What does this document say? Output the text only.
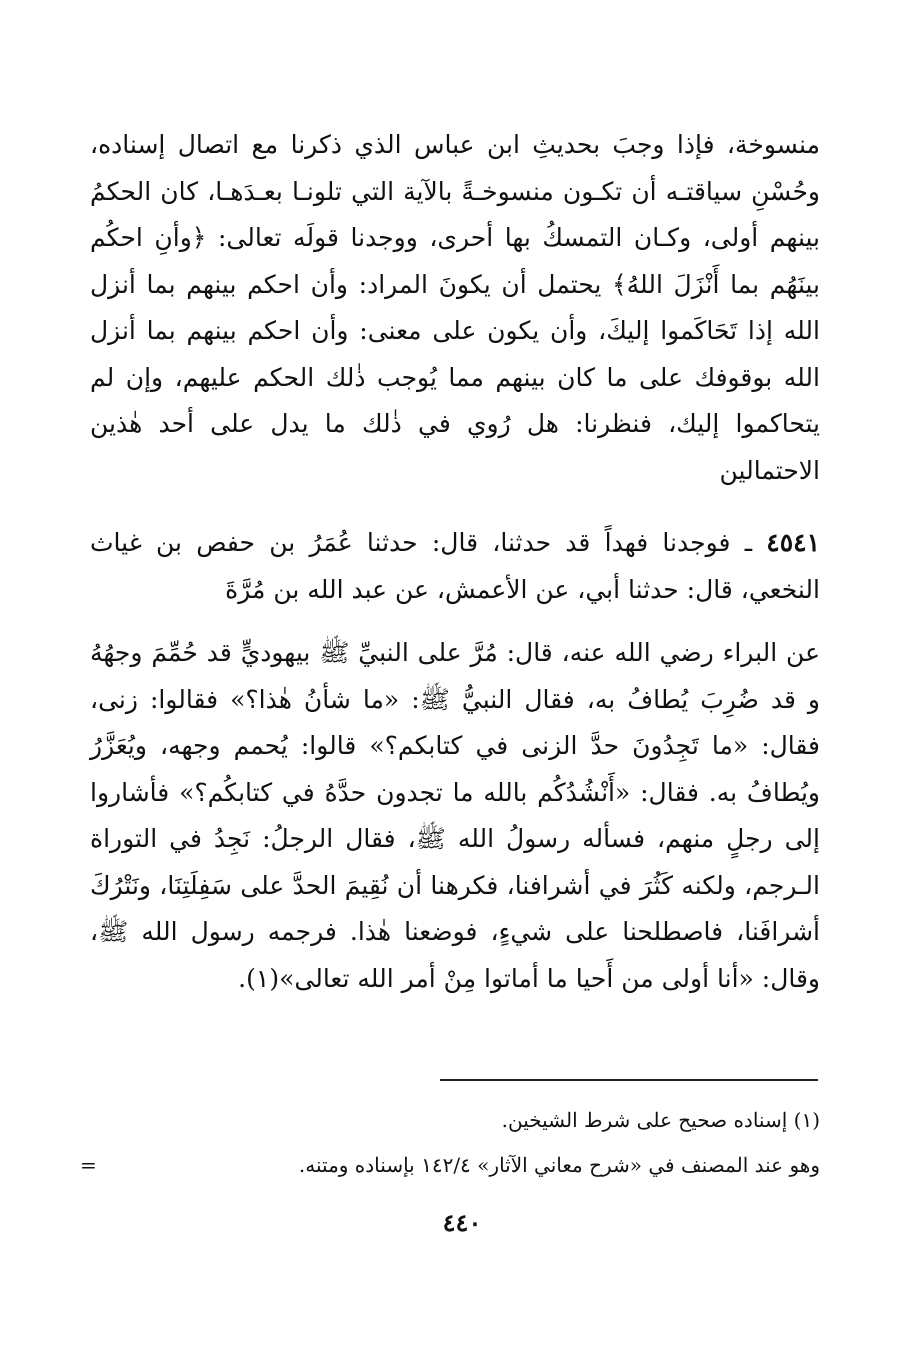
منسوخة، فإذا وجبَ بحديثِ ابن عباس الذي ذكرنا مع اتصال إسناده، وحُسْنِ سياقتـه أن تكـون منسوخـةً بالآية التي تلونـا بعـدَهـا، كان الحكمُ بينهم أولى، وكـان التمسكُ بها أحرى، ووجدنا قولَه تعالى: ﴿وأنِ احكُم بينَهُم بما أَنْزَلَ اللهُ﴾ يحتمل أن يكونَ المراد: وأن احكم بينهم بما أنزل الله إذا تَحَاكَموا إليكَ، وأن يكون على معنى: وأن احكم بينهم بما أنزل الله بوقوفك على ما كان بينهم مما يُوجب ذٰلك الحكم عليهم، وإن لم يتحاكموا إليك، فنظرنا: هل رُوي في ذٰلك ما يدل على أحد هٰذين الاحتمالين

٤٥٤١ ـ فوجدنا فهداً قد حدثنا، قال: حدثنا عُمَرُ بن حفص بن غياث النخعي، قال: حدثنا أبي، عن الأعمش، عن عبد الله بن مُرَّةَ

عن البراء رضي الله عنه، قال: مُرَّ على النبيِّ ﷺ بيهوديٍّ قد حُمِّمَ وجهُهُ و قد ضُرِبَ يُطافُ به، فقال النبيُّ ﷺ: «ما شأنُ هٰذا؟» فقالوا: زنى، فقال: «ما تَجِدُونَ حدَّ الزنى في كتابكم؟» قالوا: يُحمم وجهه، ويُعَزَّرُ ويُطافُ به. فقال: «أَنْشُدُكُم بالله ما تجدون حدَّهُ في كتابكُم؟» فأشاروا إلى رجلٍ منهم، فسأله رسولُ الله ﷺ، فقال الرجلُ: نَجِدُ في التوراة الـرجم، ولكنه كَثُرَ في أشرافنا، فكرهنا أن نُقِيمَ الحدَّ على سَفِلَتِنَا، ونَتْرُكَ أشرافَنا، فاصطلحنا على شيءٍ، فوضعنا هٰذا. فرجمه رسول الله ﷺ، وقال: «أنا أولى من أَحيا ما أماتوا مِنْ أمر الله تعالى»(١).

(١) إسناده صحيح على شرط الشيخين.

وهو عند المصنف في «شرح معاني الآثار» ١٤٢/٤ بإسناده ومتنه.

=
٤٤٠
